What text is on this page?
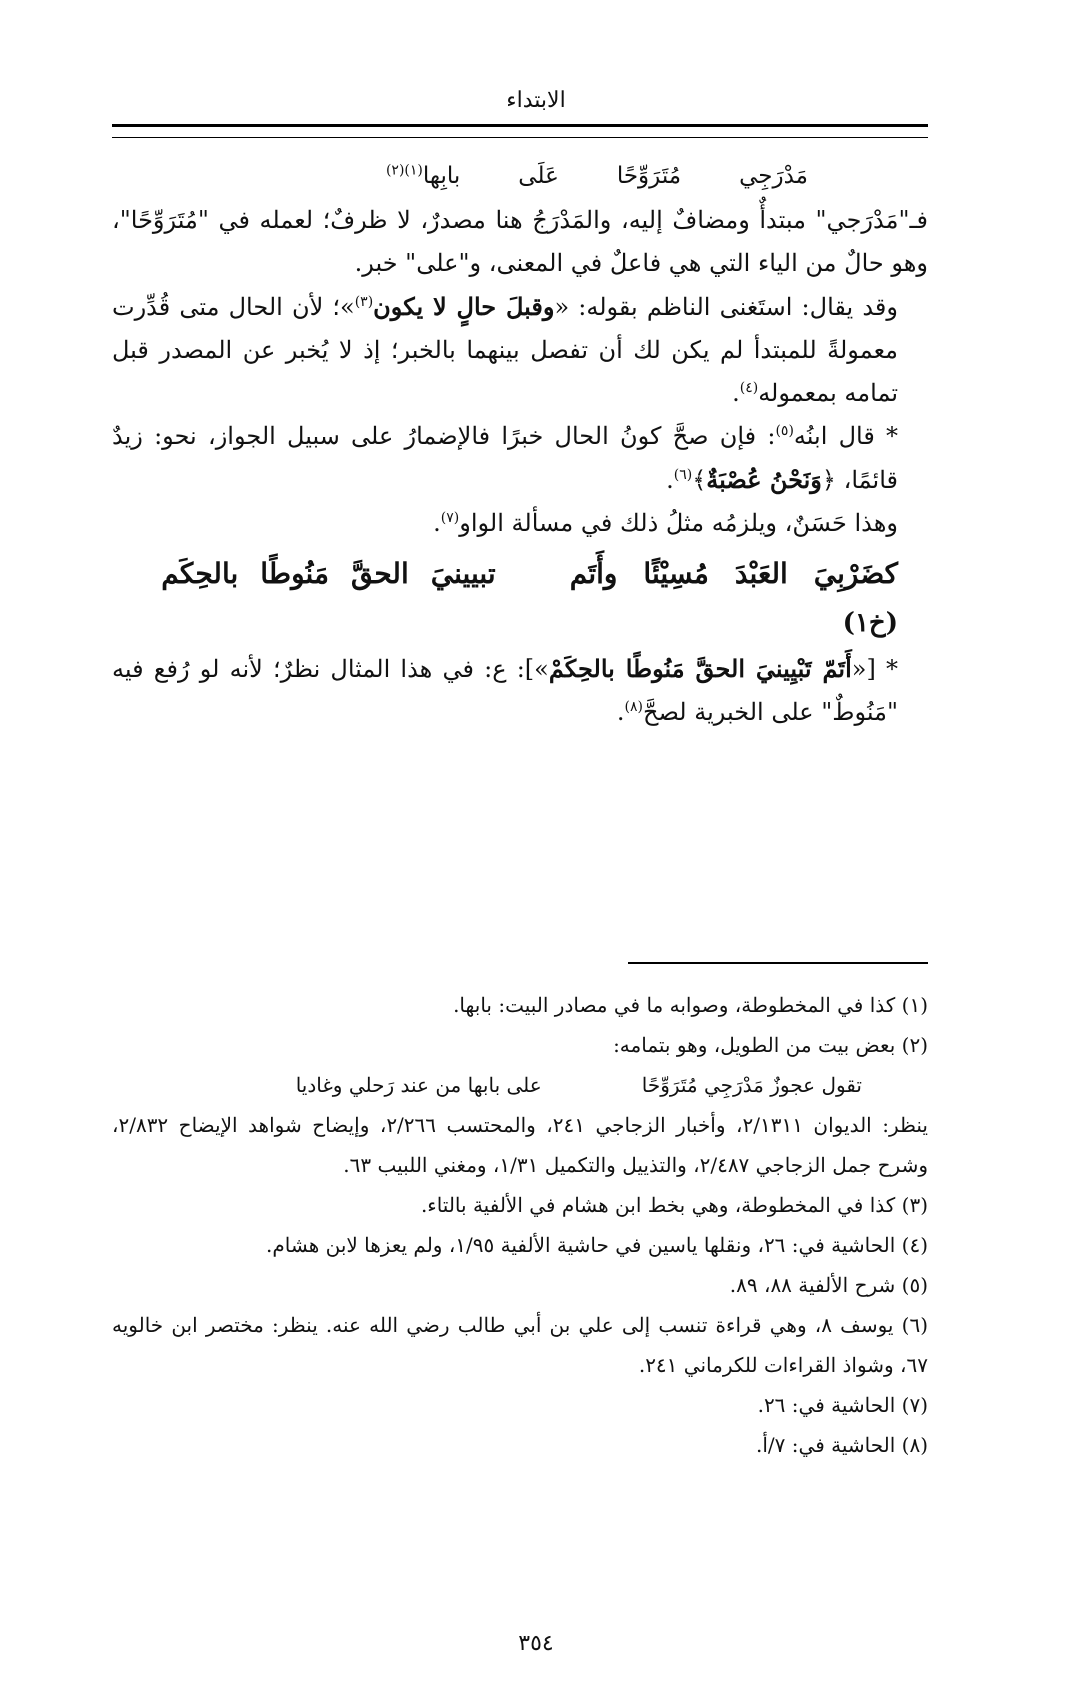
الابتداء
مَدْرَجِي
مُتَرَوِّحًا
عَلَى
بابِها$^{(١)(٢)}$

فـ"مَدْرَجي" مبتدأٌ ومضافٌ إليه، والمَدْرَجُ هنا مصدرٌ، لا ظرفٌ؛ لعمله في "مُتَرَوِّحًا"، وهو حالٌ من الياء التي هي فاعلٌ في المعنى، و"على" خبر.

وقد يقال: استَغنى الناظم بقوله: «وقبلَ حالٍ لا يكون$^{(٣)}$»؛ لأن الحال متى قُدِّرت معمولةً للمبتدأ لم يكن لك أن تفصل بينهما بالخبر؛ إذ لا يُخبر عن المصدر قبل تمامه بمعموله$^{(٤)}$.

* قال ابنُه$^{(٥)}$: فإن صحَّ كونُ الحال خبرًا فالإضمارُ على سبيل الجواز، نحو: زيدٌ قائمًا، ﴿وَنَحْنُ عُصْبَةٌ﴾$^{(٦)}$.

وهذا حَسَنٌ، ويلزمُه مثلُ ذلك في مسألة الواو$^{(٧)}$.

كضَرْبِيَ
العَبْدَ
مُسِيْئًا
وأَتَم
تبيينيَ
الحقَّ
مَنُوطًا
بالحِكَم
(خ١)

* [«أَتَمّ تَبْيِينيَ الحقَّ مَنُوطًا بالحِكَمْ»]: ع: في هذا المثال نظرٌ؛ لأنه لو رُفع فيه "مَنُوطٌ" على الخبرية لصحَّ$^{(٨)}$.

(١) كذا في المخطوطة، وصوابه ما في مصادر البيت: بابها.

(٢) بعض بيت من الطويل، وهو بتمامه:

تقول عجوزٌ مَدْرَجِي مُتَرَوِّحًا
على بابها من عند رَحلي وغاديا

ينظر: الديوان ٢/١٣١١، وأخبار الزجاجي ٢٤١، والمحتسب ٢/٢٦٦، وإيضاح شواهد الإيضاح ٢/٨٣٢، وشرح جمل الزجاجي ٢/٤٨٧، والتذييل والتكميل ١/٣١، ومغني اللبيب ٦٣.

(٣) كذا في المخطوطة، وهي بخط ابن هشام في الألفية بالتاء.

(٤) الحاشية في: ٢٦، ونقلها ياسين في حاشية الألفية ١/٩٥، ولم يعزها لابن هشام.

(٥) شرح الألفية ٨٨، ٨٩.

(٦) يوسف ٨، وهي قراءة تنسب إلى علي بن أبي طالب رضي الله عنه. ينظر: مختصر ابن خالويه ٦٧، وشواذ القراءات للكرماني ٢٤١.

(٧) الحاشية في: ٢٦.

(٨) الحاشية في: ٧/أ.

٣٥٤
